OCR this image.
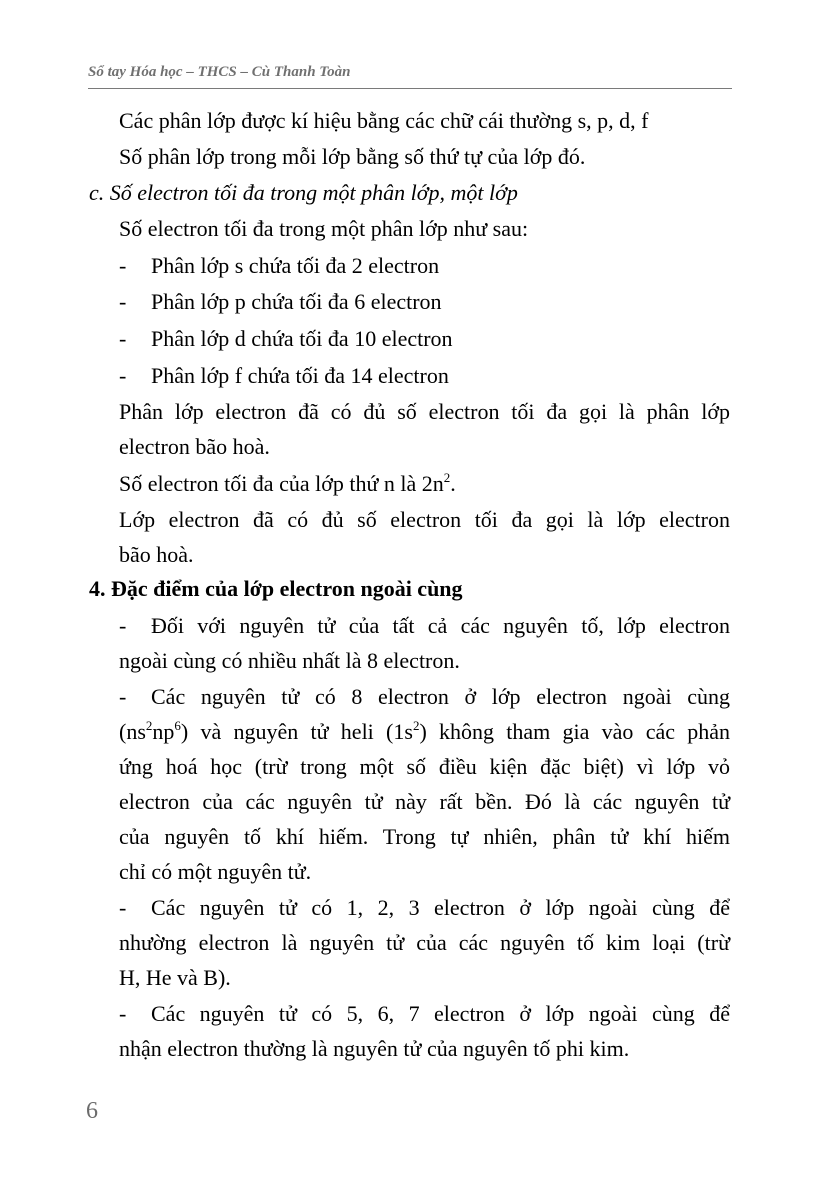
Sổ tay Hóa học – THCS – Cù Thanh Toàn
Các phân lớp được kí hiệu bằng các chữ cái thường s, p, d, f
Số phân lớp trong mỗi lớp bằng số thứ tự của lớp đó.
c. Số electron tối đa trong một phân lớp, một lớp
Số electron tối đa trong một phân lớp như sau:
- Phân lớp s chứa tối đa 2 electron
- Phân lớp p chứa tối đa 6 electron
- Phân lớp d chứa tối đa 10 electron
- Phân lớp f chứa tối đa 14 electron
Phân lớp electron đã có đủ số electron tối đa gọi là phân lớp
electron bão hoà.
Số electron tối đa của lớp thứ n là $2n^2$.
Lớp electron đã có đủ số electron tối đa gọi là lớp electron
bão hoà.
4. Đặc điểm của lớp electron ngoài cùng
- Đối với nguyên tử của tất cả các nguyên tố, lớp electron
ngoài cùng có nhiều nhất là 8 electron.
- Các nguyên tử có 8 electron ở lớp electron ngoài cùng
$(ns^2np^6)$ và nguyên tử heli $(1s^2)$ không tham gia vào các phản
ứng hoá học (trừ trong một số điều kiện đặc biệt) vì lớp vỏ
electron của các nguyên tử này rất bền. Đó là các nguyên tử
của nguyên tố khí hiếm. Trong tự nhiên, phân tử khí hiếm
chỉ có một nguyên tử.
- Các nguyên tử có 1, 2, 3 electron ở lớp ngoài cùng để
nhường electron là nguyên tử của các nguyên tố kim loại (trừ
H, He và B).
- Các nguyên tử có 5, 6, 7 electron ở lớp ngoài cùng để
nhận electron thường là nguyên tử của nguyên tố phi kim.
6
